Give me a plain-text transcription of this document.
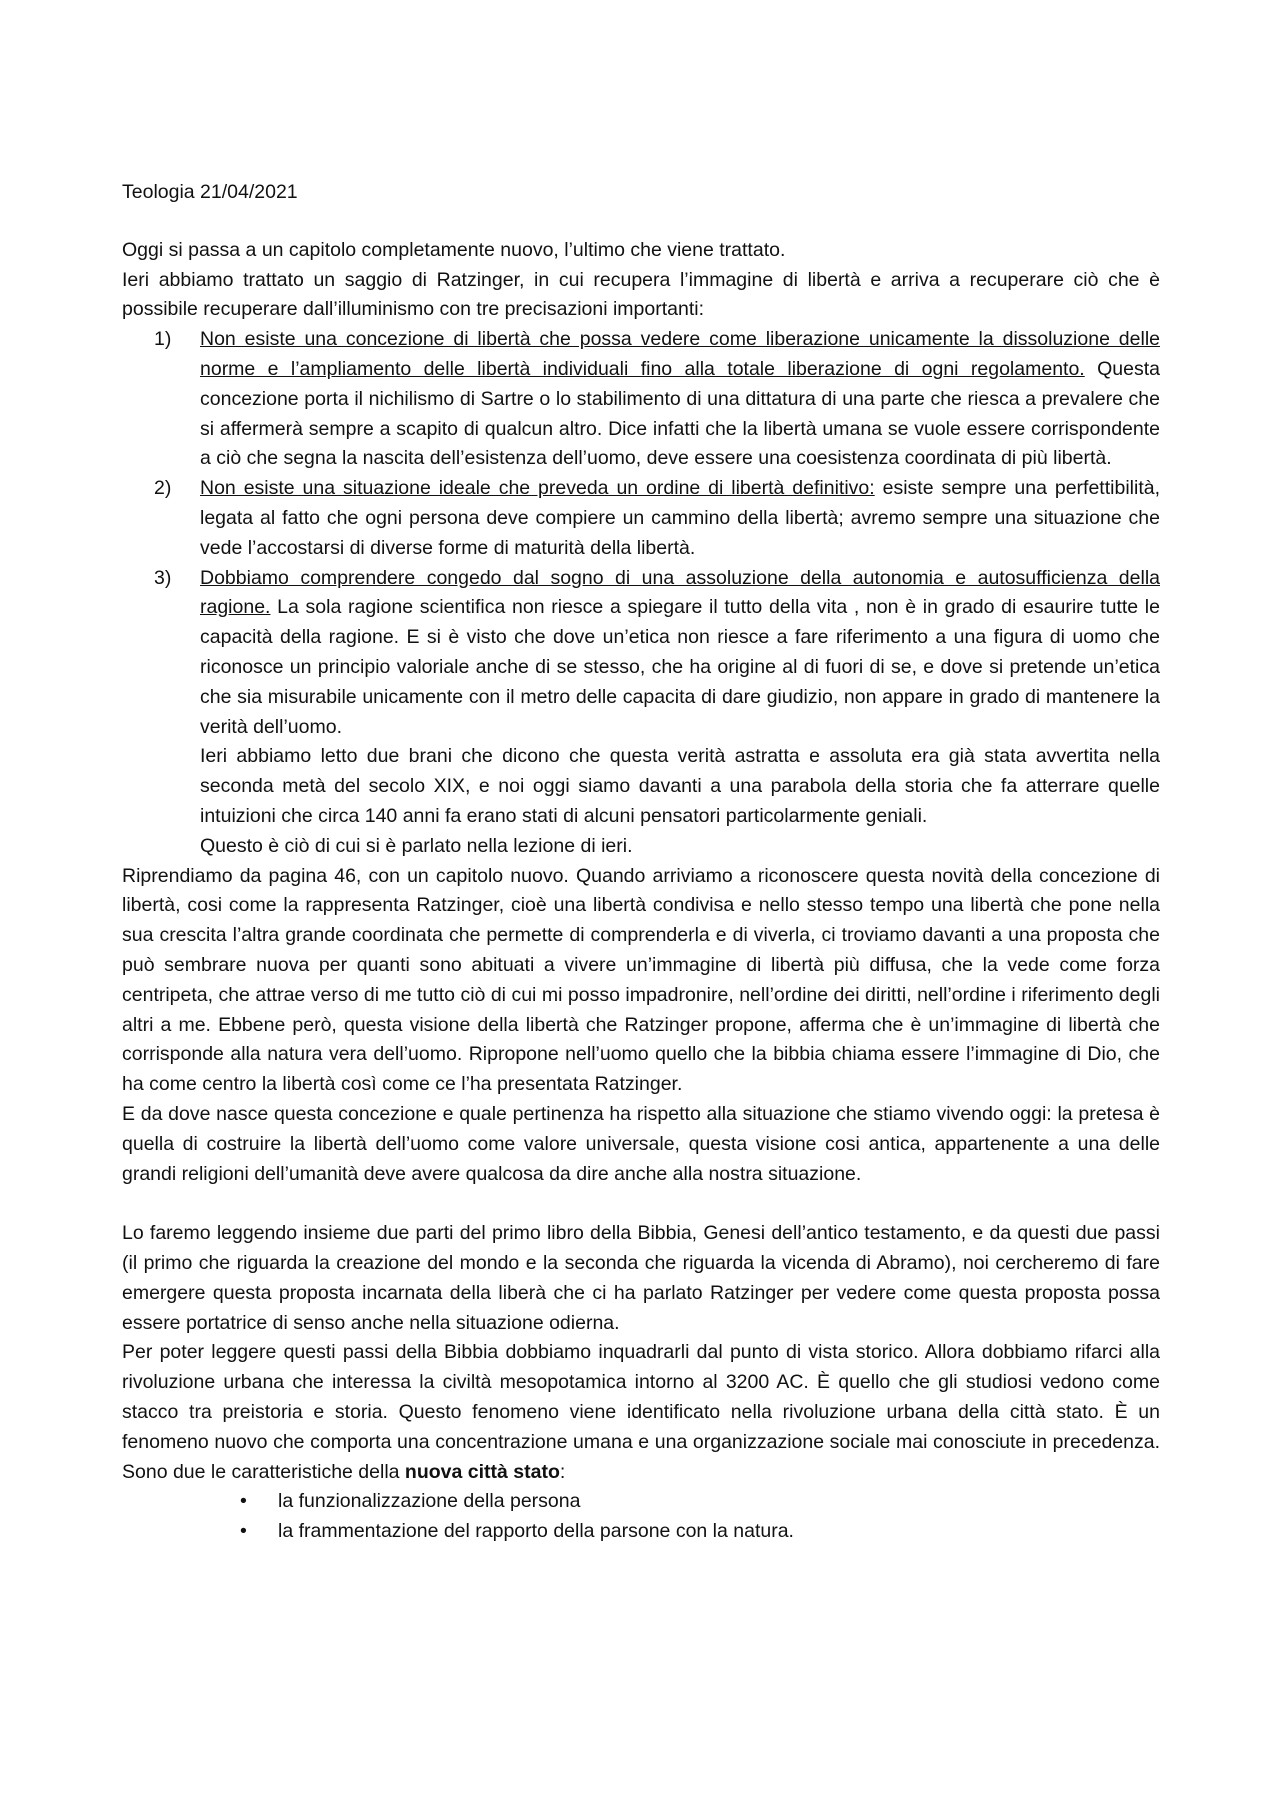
Teologia 21/04/2021

Oggi si passa a un capitolo completamente nuovo, l’ultimo che viene trattato.

Ieri abbiamo trattato un saggio di Ratzinger, in cui recupera l’immagine di libertà e arriva a recuperare ciò che è possibile recuperare dall’illuminismo con tre precisazioni importanti:

1) Non esiste una concezione di libertà che possa vedere come liberazione unicamente la dissoluzione delle norme e l’ampliamento delle libertà individuali fino alla totale liberazione di ogni regolamento. Questa concezione porta il nichilismo di Sartre o lo stabilimento di una dittatura di una parte che riesca a prevalere che si affermerà sempre a scapito di qualcun altro. Dice infatti che la libertà umana se vuole essere corrispondente a ciò che segna la nascita dell’esistenza dell’uomo, deve essere una coesistenza coordinata di più libertà.
2) Non esiste una situazione ideale che preveda un ordine di libertà definitivo: esiste sempre una perfettibilità, legata al fatto che ogni persona deve compiere un cammino della libertà; avremo sempre una situazione che vede l’accostarsi di diverse forme di maturità della libertà.
3) Dobbiamo comprendere congedo dal sogno di una assoluzione della autonomia e autosufficienza della ragione. La sola ragione scientifica non riesce a spiegare il tutto della vita , non è in grado di esaurire tutte le capacità della ragione. E si è visto che dove un’etica non riesce a fare riferimento a una figura di uomo che riconosce un principio valoriale anche di se stesso, che ha origine al di fuori di se, e dove si pretende un’etica che sia misurabile unicamente con il metro delle capacita di dare giudizio, non appare in grado di mantenere la verità dell’uomo.
Ieri abbiamo letto due brani che dicono che questa verità astratta e assoluta era già stata avvertita nella seconda metà del secolo XIX, e noi oggi siamo davanti a una parabola della storia che fa atterrare quelle intuizioni che circa 140 anni fa erano stati di alcuni pensatori particolarmente geniali.
Questo è ciò di cui si è parlato nella lezione di ieri.

Riprendiamo da pagina 46, con un capitolo nuovo. Quando arriviamo a riconoscere questa novità della concezione di libertà, cosi come la rappresenta Ratzinger, cioè una libertà condivisa e nello stesso tempo una libertà che pone nella sua crescita l’altra grande coordinata che permette di comprenderla e di viverla, ci troviamo davanti a una proposta che può sembrare nuova per quanti sono abituati a vivere un’immagine di libertà più diffusa, che la vede come forza centripeta, che attrae verso di me tutto ciò di cui mi posso impadronire, nell’ordine dei diritti, nell’ordine i riferimento degli altri a me. Ebbene però, questa visione della libertà che Ratzinger propone, afferma che è un’immagine di libertà che corrisponde alla natura vera dell’uomo. Ripropone nell’uomo quello che la bibbia chiama essere l’immagine di Dio, che ha come centro la libertà così come ce l’ha presentata Ratzinger.

E da dove nasce questa concezione e quale pertinenza ha rispetto alla situazione che stiamo vivendo oggi: la pretesa è quella di costruire la libertà dell’uomo come valore universale, questa visione cosi antica, appartenente a una delle grandi religioni dell’umanità deve avere qualcosa da dire anche alla nostra situazione.

Lo faremo leggendo insieme due parti del primo libro della Bibbia, Genesi dell’antico testamento, e da questi due passi (il primo che riguarda la creazione del mondo e la seconda che riguarda la vicenda di Abramo), noi cercheremo di fare emergere questa proposta incarnata della liberà che ci ha parlato Ratzinger per vedere come questa proposta possa essere portatrice di senso anche nella situazione odierna.

Per poter leggere questi passi della Bibbia dobbiamo inquadrarli dal punto di vista storico. Allora dobbiamo rifarci alla rivoluzione urbana che interessa la civiltà mesopotamica intorno al 3200 AC. È quello che gli studiosi vedono come stacco tra preistoria e storia. Questo fenomeno viene identificato nella rivoluzione urbana della città stato. È un fenomeno nuovo che comporta una concentrazione umana e una organizzazione sociale mai conosciute in precedenza. Sono due le caratteristiche della nuova città stato:

• la funzionalizzazione della persona
• la frammentazione del rapporto della parsone con la natura.
